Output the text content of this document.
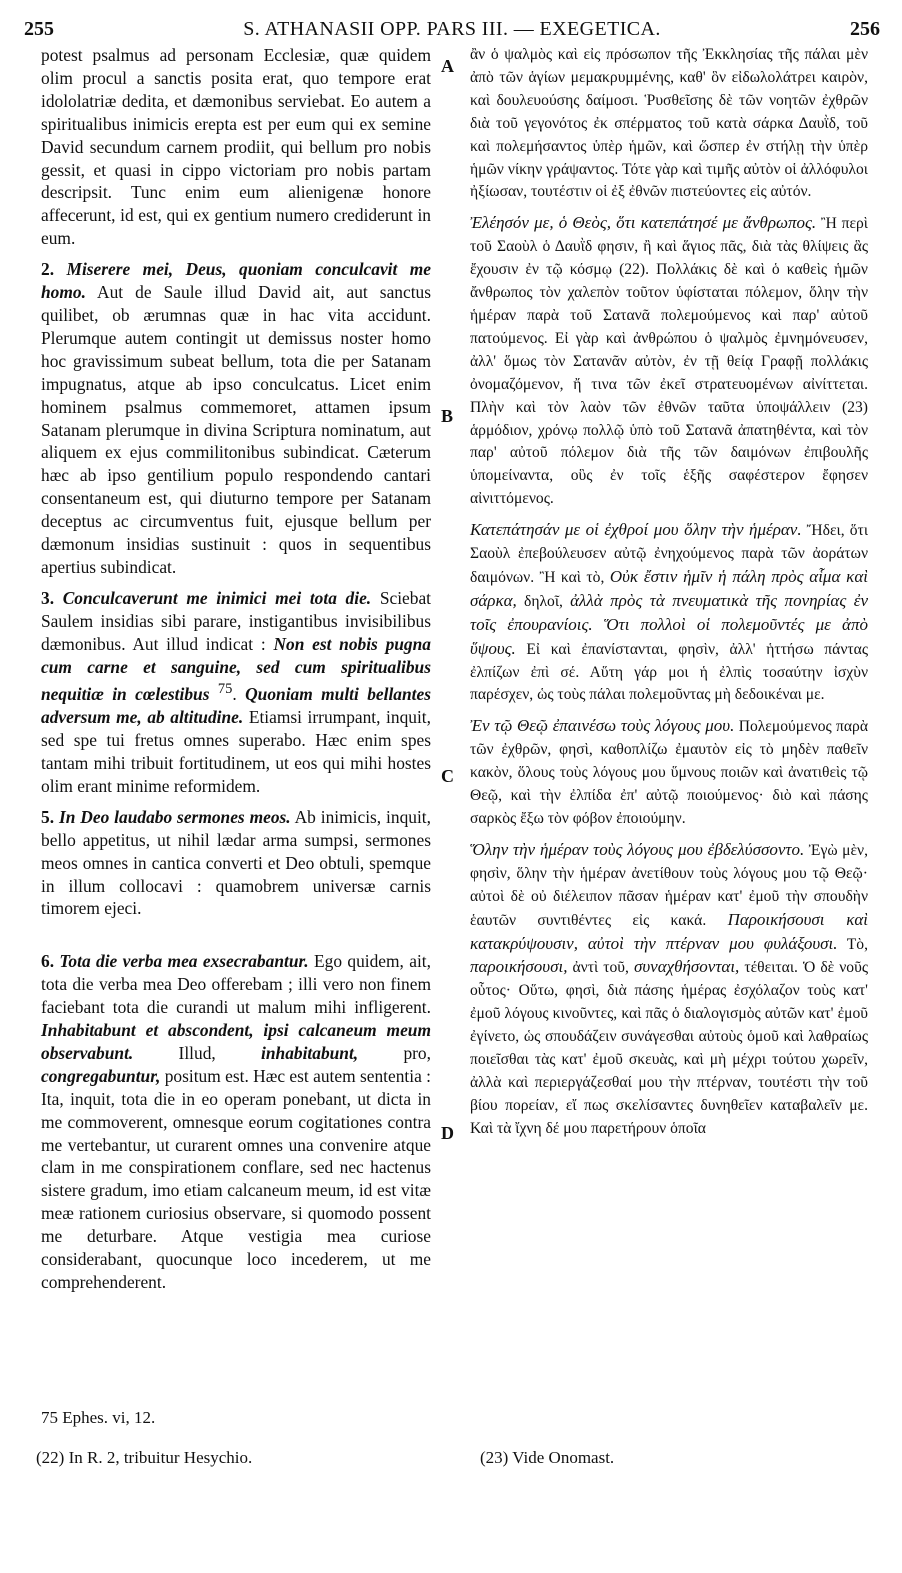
255	S. ATHANASII OPP. PARS III. — EXEGETICA.	256
A
B
C
D

potest psalmus ad personam Ecclesiæ, quæ quidem olim procul a sanctis posita erat, quo tempore erat idololatriæ dedita, et dæmonibus serviebat. Eo autem a spiritualibus inimicis erepta est per eum qui ex semine David secundum carnem prodiit, qui bellum pro nobis gessit, et quasi in cippo victoriam pro nobis partam descripsit. Tunc enim eum alienigenæ honore affecerunt, id est, qui ex gentium numero crediderunt in eum.

2. Miserere mei, Deus, quoniam conculcavit me homo. Aut de Saule illud David ait, aut sanctus quilibet, ob ærumnas quæ in hac vita accidunt. Plerumque autem contingit ut demissus noster homo hoc gravissimum subeat bellum, tota die per Satanam impugnatus, atque ab ipso conculcatus. Licet enim hominem psalmus commemoret, attamen ipsum Satanam plerumque in divina Scriptura nominatum, aut aliquem ex ejus commilitonibus subindicat. Cæterum hæc ab ipso gentilium populo respondendo cantari consentaneum est, qui diuturno tempore per Satanam deceptus ac circumventus fuit, ejusque bellum per dæmonum insidias sustinuit : quos in sequentibus apertius subindicat.

3. Conculcaverunt me inimici mei tota die. Sciebat Saulem insidias sibi parare, instigantibus invisibilibus dæmonibus. Aut illud indicat : Non est nobis pugna cum carne et sanguine, sed cum spiritualibus nequitiæ in cœlestibus $^{75}$. Quoniam multi bellantes adversum me, ab altitudine. Etiamsi irrumpant, inquit, sed spe tui fretus omnes superabo. Hæc enim spes tantam mihi tribuit fortitudinem, ut eos qui mihi hostes olim erant minime reformidem.

5. In Deo laudabo sermones meos. Ab inimicis, inquit, bello appetitus, ut nihil lædar arma sumpsi, sermones meos omnes in cantica converti et Deo obtuli, spemque in illum collocavi : quamobrem universæ carnis timorem ejeci.

6. Tota die verba mea exsecrabantur. Ego quidem, ait, tota die verba mea Deo offerebam ; illi vero non finem faciebant tota die curandi ut malum mihi infligerent. Inhabitabunt et abscondent, ipsi calcaneum meum observabunt.	Illud,	inhabitabunt,	pro, congregabuntur, positum est. Hæc est autem sententia : Ita, inquit, tota die in eo operam ponebant, ut dicta in me commoverent, omnesque eorum cogitationes contra me vertebantur, ut curarent omnes una convenire atque clam in me conspirationem conflare, sed nec hactenus sistere gradum, imo etiam calcaneum meum, id est vitæ meæ rationem curiosius observare, si quomodo possent me deturbare. Atque vestigia mea curiose considerabant, quocunque loco incederem, ut me comprehenderent.

ἂν ὁ ψαλμὸς καὶ εἰς πρόσωπον τῆς Ἐκκλησίας τῆς πάλαι μὲν ἀπὸ τῶν ἁγίων μεμακρυμμένης, καθ' ὃν εἰδωλολάτρει καιρὸν, καὶ δουλευούσης δαίμοσι. Ῥυσθεῖσης δὲ τῶν νοητῶν ἐχθρῶν διὰ τοῦ γεγονότος ἐκ σπέρματος τοῦ κατὰ σάρκα Δαυῒδ, τοῦ καὶ πολεμήσαντος ὑπὲρ ἡμῶν, καὶ ὥσπερ ἐν στήλῃ τὴν ὑπὲρ ἡμῶν νίκην γράψαντος. Τότε γὰρ καὶ τιμῆς αὐτὸν οἱ ἀλλόφυλοι ἠξίωσαν, τουτέστιν οἱ ἐξ ἐθνῶν πιστεύοντες εἰς αὐτόν.

Ἐλέησόν με, ὁ Θεὸς, ὅτι κατεπάτησέ με ἄνθρωπος. Ἢ περὶ τοῦ Σαοὺλ ὁ Δαυῒδ φησιν, ἢ καὶ ἅγιος πᾶς, διὰ τὰς θλίψεις ἃς ἔχουσιν ἐν τῷ κόσμῳ (22). Πολλάκις δὲ καὶ ὁ καθεὶς ἡμῶν ἄνθρωπος τὸν χαλεπὸν τοῦτον ὑφίσταται πόλεμον, ὅλην τὴν ἡμέραν παρὰ τοῦ Σατανᾶ πολεμούμενος καὶ παρ' αὐτοῦ πατούμενος. Εἰ γὰρ καὶ ἀνθρώπου ὁ ψαλμὸς ἐμνημόνευσεν, ἀλλ' ὅμως τὸν Σατανᾶν αὐτὸν, ἐν τῇ θείᾳ Γραφῇ πολλάκις ὀνομαζόμενον, ἤ τινα τῶν ἐκεῖ στρατευομένων αἰνίττεται. Πλὴν καὶ τὸν λαὸν τῶν ἐθνῶν ταῦτα ὑποψάλλειν (23) ἁρμόδιον, χρόνῳ πολλῷ ὑπὸ τοῦ Σατανᾶ ἀπατηθέντα, καὶ τὸν παρ' αὐτοῦ πόλεμον διὰ τῆς τῶν δαιμόνων ἐπιβουλῆς ὑπομείναντα, οὓς ἐν τοῖς ἑξῆς σαφέστερον ἔφησεν αἰνιττόμενος.

Κατεπάτησάν με οἱ ἐχθροί μου ὅλην τὴν ἡμέραν. Ἤδει, ὅτι Σαοὺλ ἐπεβούλευσεν αὐτῷ ἐνηχούμενος παρὰ τῶν ἀοράτων δαιμόνων. Ἢ καὶ τὸ, Οὐκ ἔστιν ἡμῖν ἡ πάλη πρὸς αἷμα καὶ σάρκα, δηλοῖ, ἀλλὰ πρὸς τὰ πνευματικὰ τῆς πονηρίας ἐν τοῖς ἐπουρανίοις. Ὅτι πολλοὶ οἱ πολεμοῦντές με ἀπὸ ὕψους. Εἰ καὶ ἐπανίστανται, φησὶν, ἀλλ' ἡττήσω πάντας ἐλπίζων ἐπὶ σέ. Αὕτη γάρ μοι ἡ ἐλπὶς τοσαύτην ἰσχὺν παρέσχεν, ὡς τοὺς πάλαι πολεμοῦντας μὴ δεδοικέναι με.

Ἐν τῷ Θεῷ ἐπαινέσω τοὺς λόγους μου. Πολεμούμενος παρὰ τῶν ἐχθρῶν, φησὶ, καθοπλίζω ἐμαυτὸν εἰς τὸ μηδὲν παθεῖν κακὸν, ὅλους τοὺς λόγους μου ὕμνους ποιῶν καὶ ἀνατιθεὶς τῷ Θεῷ, καὶ τὴν ἐλπίδα ἐπ' αὐτῷ ποιούμενος· διὸ καὶ πάσης σαρκὸς ἔξω τὸν φόβον ἐποιούμην.

Ὅλην τὴν ἡμέραν τοὺς λόγους μου ἐβδελύσσοντο. Ἐγὼ μὲν, φησὶν, ὅλην τὴν ἡμέραν ἀνετίθουν τοὺς λόγους μου τῷ Θεῷ· αὐτοὶ δὲ οὐ διέλειπον πᾶσαν ἡμέραν κατ' ἐμοῦ τὴν σπουδὴν ἑαυτῶν συντιθέντες εἰς κακά. Παροικήσουσι καὶ κατακρύψουσιν, αὐτοὶ τὴν πτέρναν μου φυλάξουσι. Τὸ, παροικήσουσι, ἀντὶ τοῦ, συναχθήσονται, τέθειται. Ὁ δὲ νοῦς οὗτος· Οὕτω, φησὶ, διὰ πάσης ἡμέρας ἐσχόλαζον τοὺς κατ' ἐμοῦ λόγους κινοῦντες, καὶ πᾶς ὁ διαλογισμὸς αὐτῶν κατ' ἐμοῦ ἐγίνετο, ὡς σπουδάζειν συνάγεσθαι αὐτοὺς ὁμοῦ καὶ λαθραίως ποιεῖσθαι τὰς κατ' ἐμοῦ σκευὰς, καὶ μὴ μέχρι τούτου χωρεῖν, ἀλλὰ καὶ περιεργάζεσθαί μου τὴν πτέρναν, τουτέστι τὴν τοῦ βίου πορείαν, εἴ πως σκελίσαντες δυνηθεῖεν καταβαλεῖν με. Καὶ τὰ ἴχνη δέ μου παρετήρουν ὁποῖα

75 Ephes. vi, 12.
(22) In R. 2, tribuitur Hesychio.	(23) Vide Onomast.
